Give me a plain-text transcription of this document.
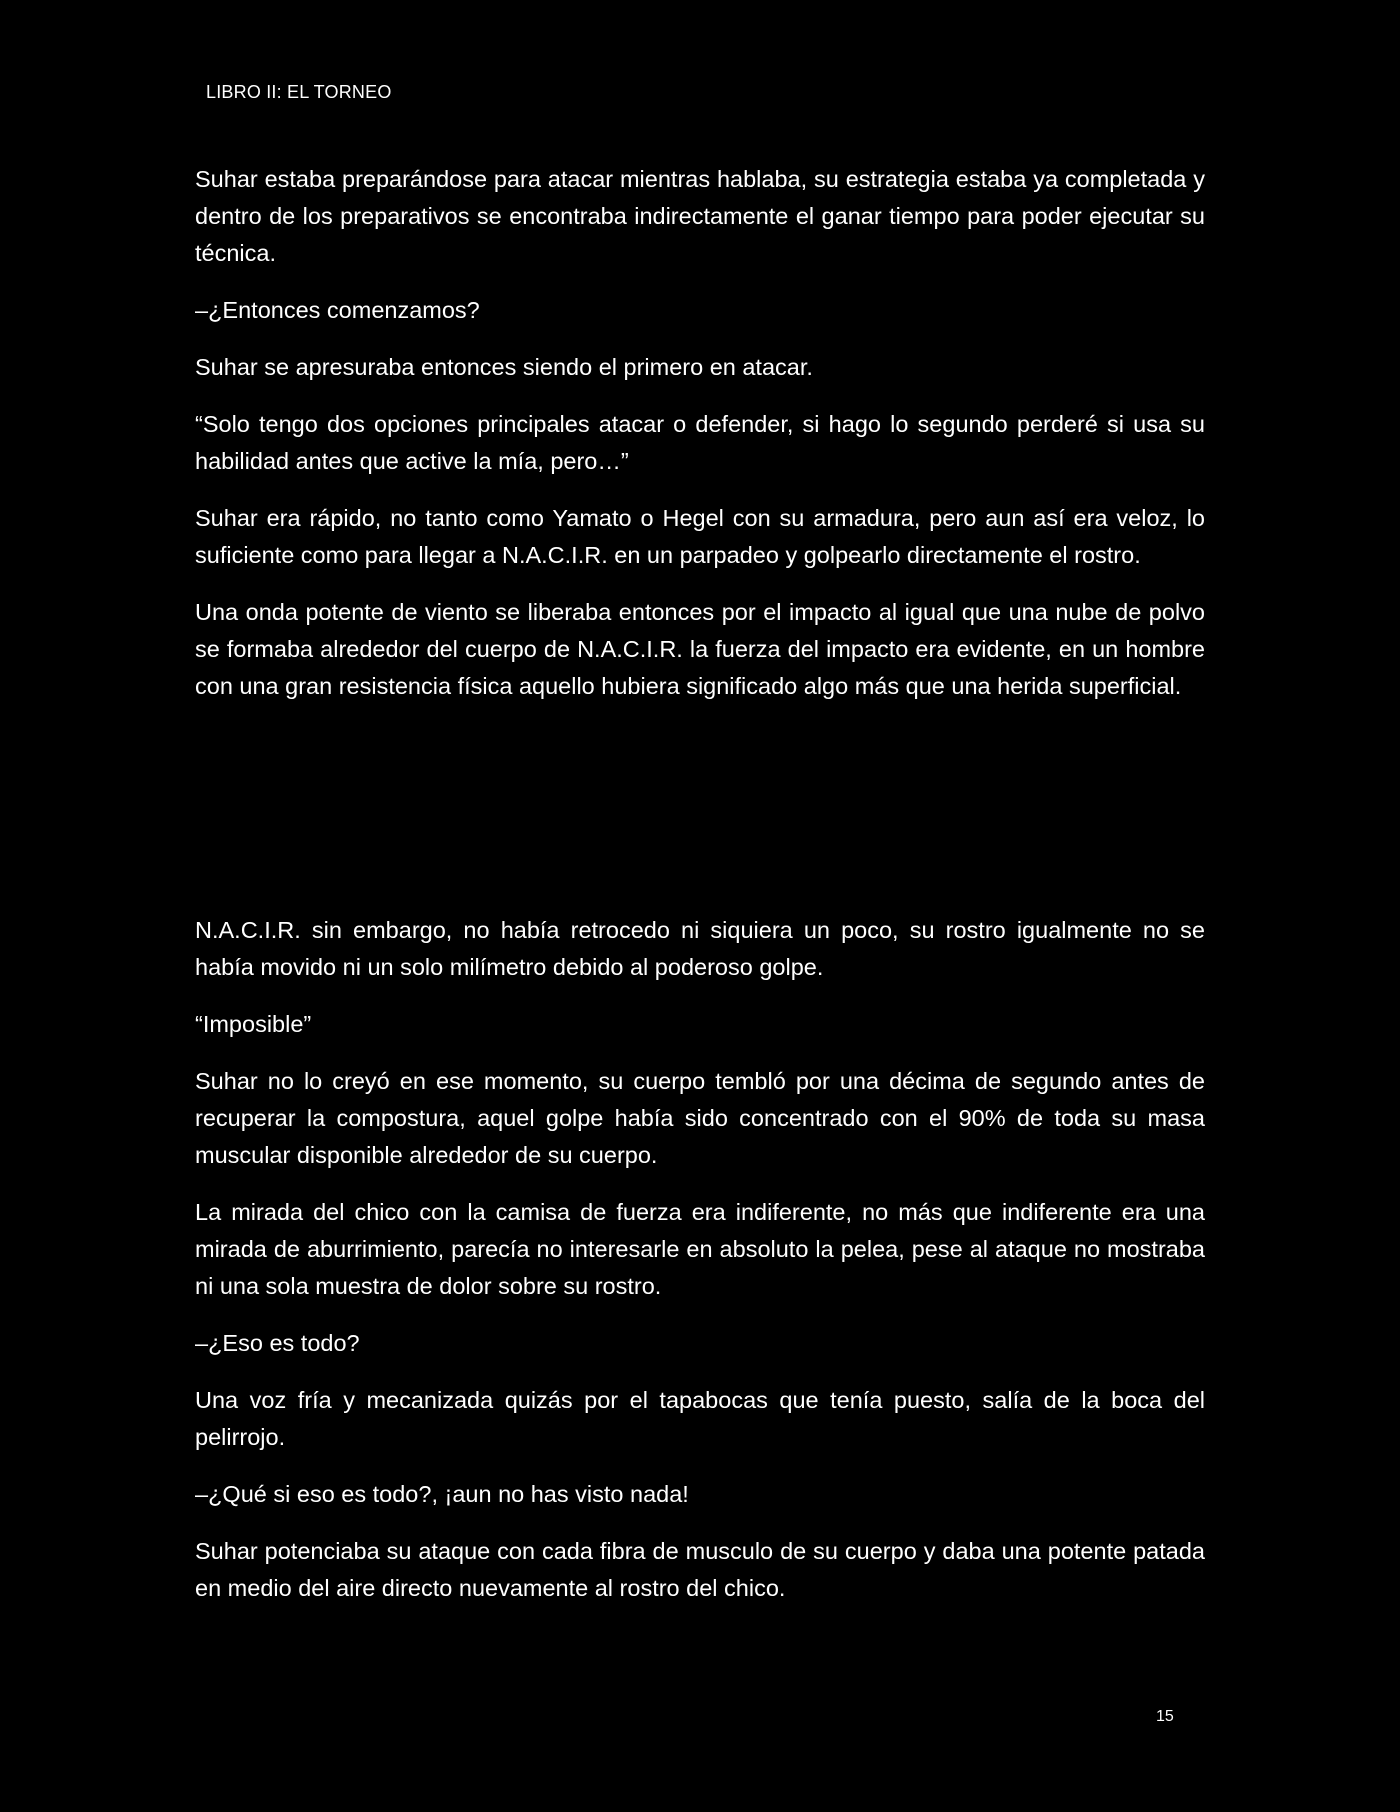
LIBRO II: EL TORNEO

Suhar estaba preparándose para atacar mientras hablaba, su estrategia estaba ya completada y dentro de los preparativos se encontraba indirectamente el ganar tiempo para poder ejecutar su técnica.

–¿Entonces comenzamos?

Suhar se apresuraba entonces siendo el primero en atacar.

“Solo tengo dos opciones principales atacar o defender, si hago lo segundo perderé si usa su habilidad antes que active la mía, pero…”

Suhar era rápido, no tanto como Yamato o Hegel con su armadura, pero aun así era veloz, lo suficiente como para llegar a N.A.C.I.R. en un parpadeo y golpearlo directamente el rostro.

Una onda potente de viento se liberaba entonces por el impacto al igual que una nube de polvo se formaba alrededor del cuerpo de N.A.C.I.R. la fuerza del impacto era evidente, en un hombre con una gran resistencia física aquello hubiera significado algo más que una herida superficial.

N.A.C.I.R. sin embargo, no había retrocedo ni siquiera un poco, su rostro igualmente no se había movido ni un solo milímetro debido al poderoso golpe.

“Imposible”

Suhar no lo creyó en ese momento, su cuerpo tembló por una décima de segundo antes de recuperar la compostura, aquel golpe había sido concentrado con el 90% de toda su masa muscular disponible alrededor de su cuerpo.

La mirada del chico con la camisa de fuerza era indiferente, no más que indiferente era una mirada de aburrimiento, parecía no interesarle en absoluto la pelea, pese al ataque no mostraba ni una sola muestra de dolor sobre su rostro.

–¿Eso es todo?

Una voz fría y mecanizada quizás por el tapabocas que tenía puesto, salía de la boca del pelirrojo.

–¿Qué si eso es todo?, ¡aun no has visto nada!

Suhar potenciaba su ataque con cada fibra de musculo de su cuerpo y daba una potente patada en medio del aire directo nuevamente al rostro del chico.

15
